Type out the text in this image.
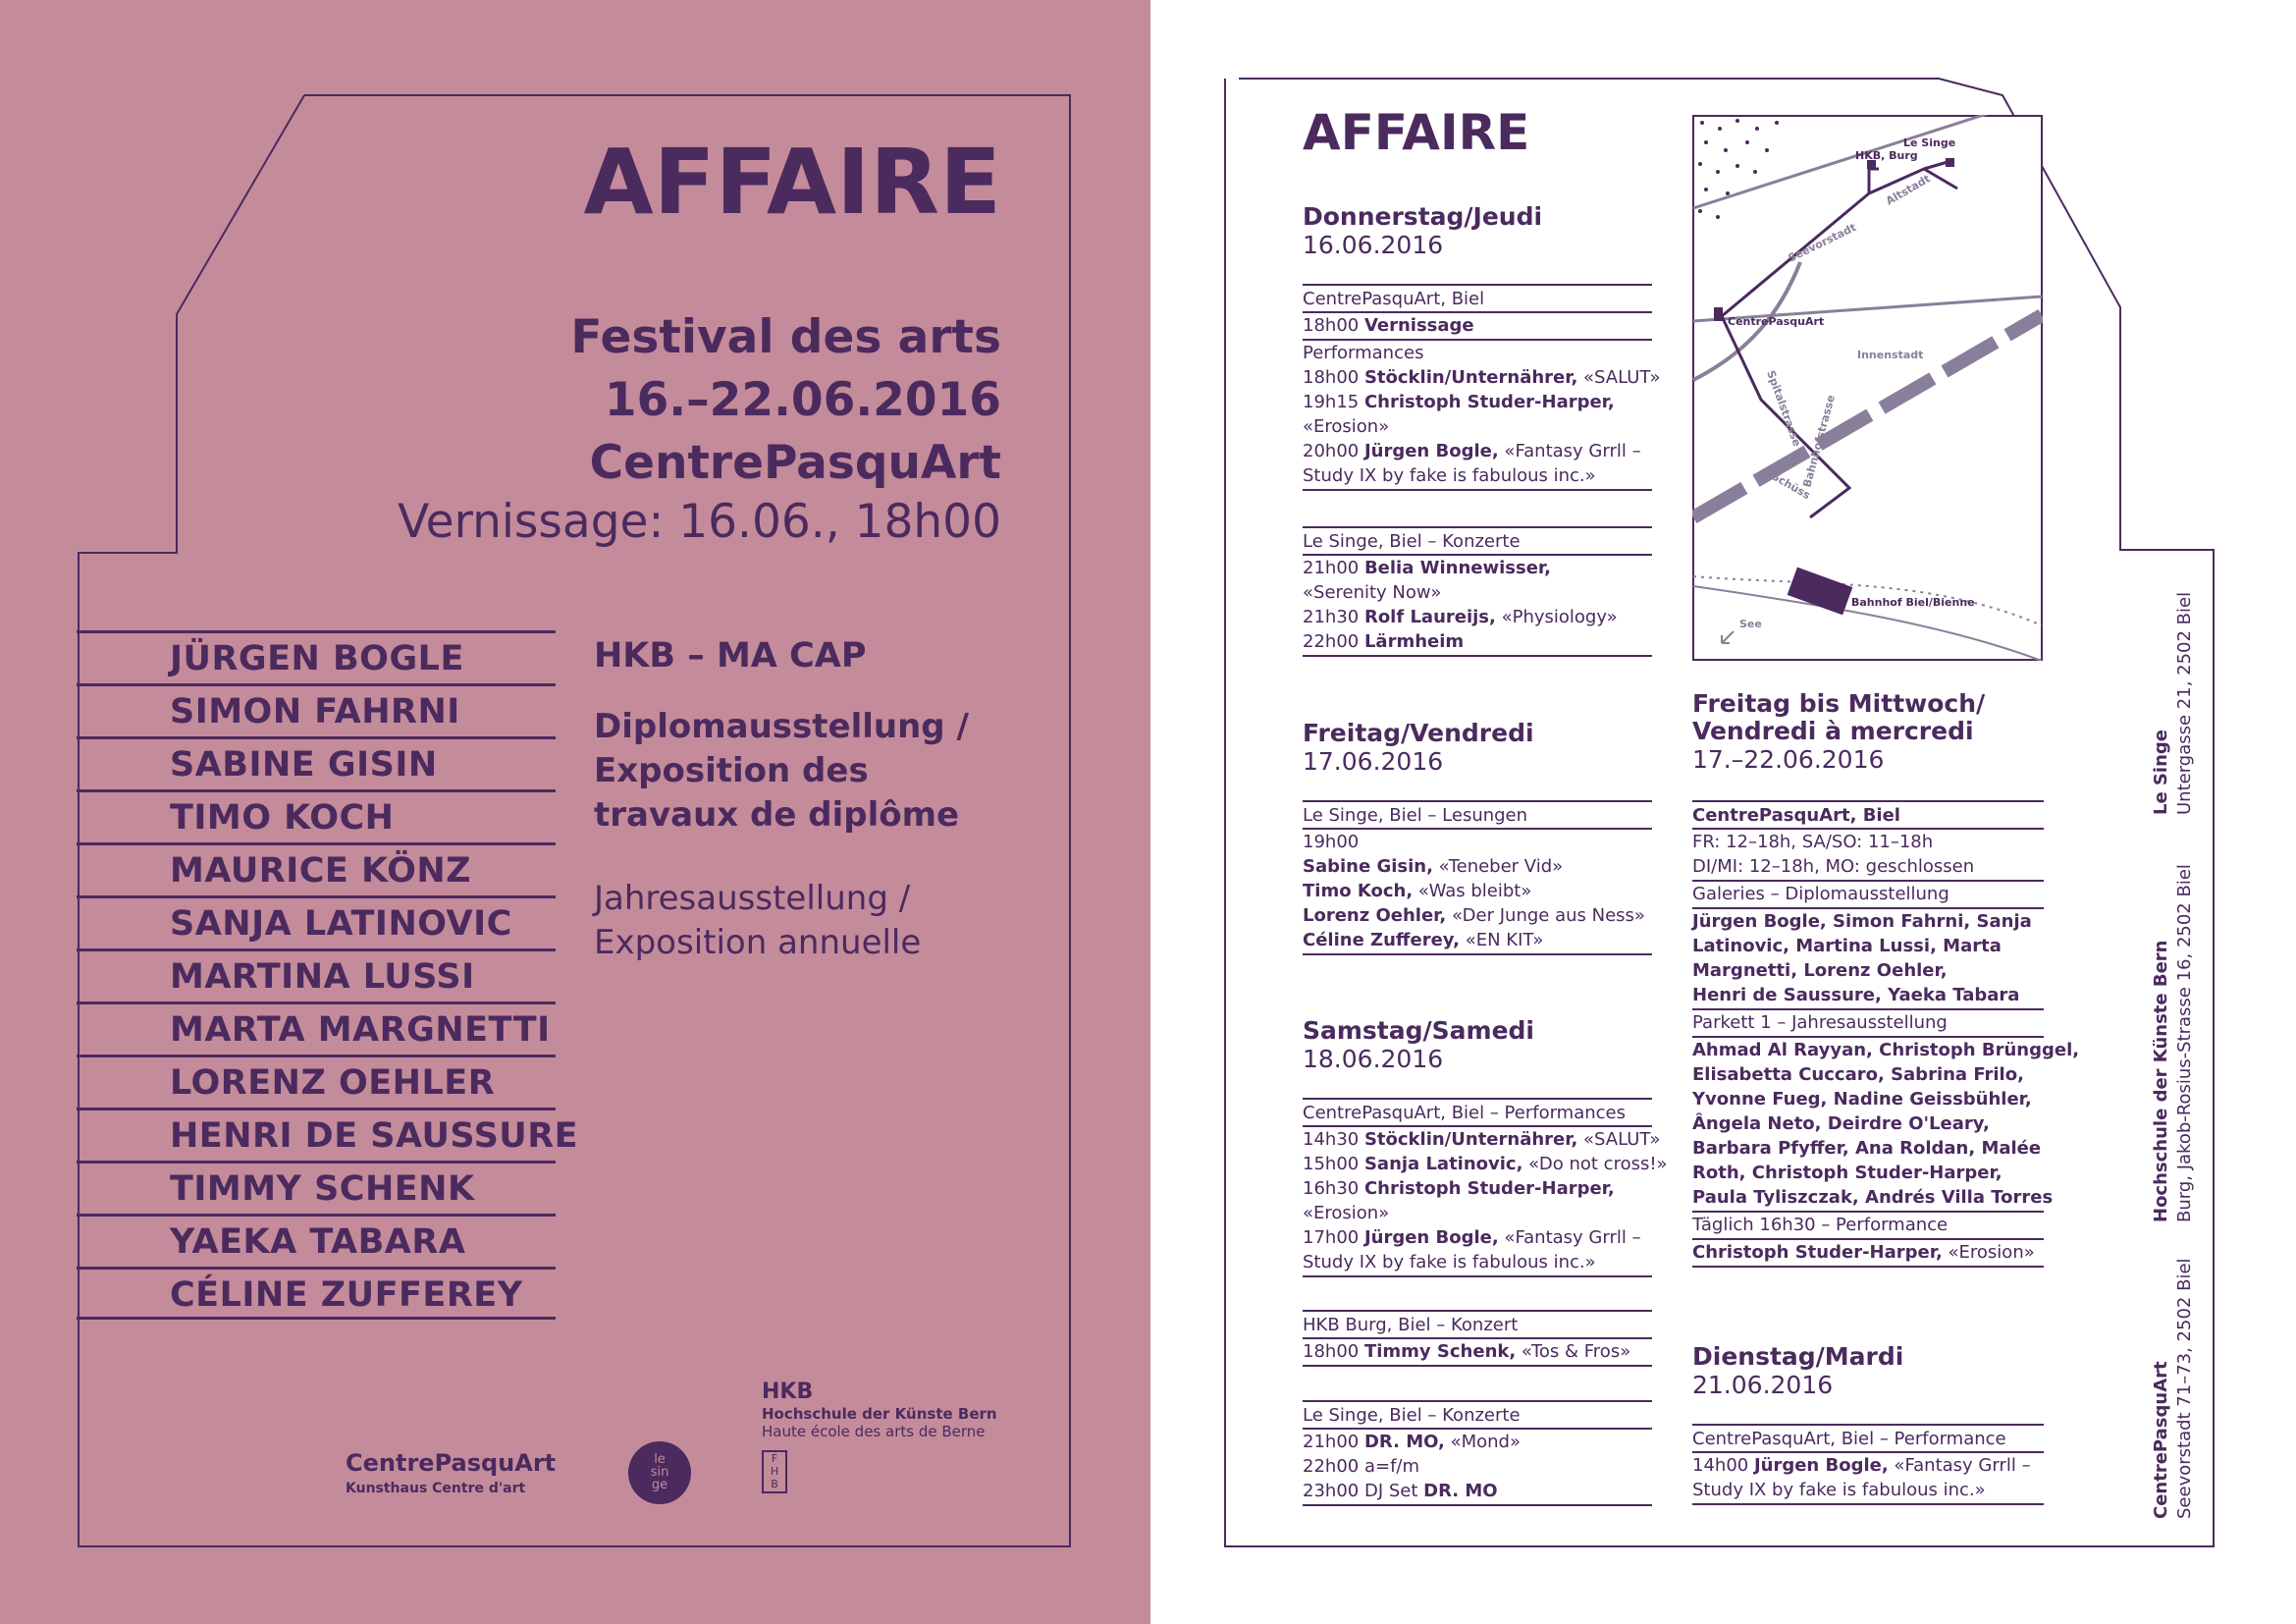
AFFAIRE
Festival des arts
16.–22.06.2016
CentrePasquArt
Vernissage: 16.06., 18h00
JÜRGEN BOGLE
SIMON FAHRNI
SABINE GISIN
TIMO KOCH
MAURICE KÖNZ
SANJA LATINOVIC
MARTINA LUSSI
MARTA MARGNETTI
LORENZ OEHLER
HENRI DE SAUSSURE
TIMMY SCHENK
YAEKA TABARA
CÉLINE ZUFFEREY
HKB – MA CAP
Diplomausstellung /
Exposition des
travaux de diplôme
Jahresausstellung /
Exposition annuelle
CentrePasquArt
Kunsthaus Centre d'art
le
sin
ge
HKB
Hochschule der Künste Bern
Haute école des arts de Berne
F
H
B
AFFAIRE
Donnerstag/Jeudi
16.06.2016
CentrePasquArt, Biel
18h00 Vernissage
Performances
18h00 Stöcklin/Unternährer, «SALUT»
19h15 Christoph Studer-Harper,
«Erosion»
20h00 Jürgen Bogle, «Fantasy Grrll –
Study IX by fake is fabulous inc.»
Le Singe, Biel – Konzerte
21h00 Belia Winnewisser,
«Serenity Now»
21h30 Rolf Laureijs, «Physiology»
22h00 Lärmheim
Freitag/Vendredi
17.06.2016
Le Singe, Biel – Lesungen
19h00
Sabine Gisin, «Teneber Vid»
Timo Koch, «Was bleibt»
Lorenz Oehler, «Der Junge aus Ness»
Céline Zufferey, «EN KIT»
Samstag/Samedi
18.06.2016
CentrePasquArt, Biel – Performances
14h30 Stöcklin/Unternährer, «SALUT»
15h00 Sanja Latinovic, «Do not cross!»
16h30 Christoph Studer-Harper,
«Erosion»
17h00 Jürgen Bogle, «Fantasy Grrll –
Study IX by fake is fabulous inc.»
HKB Burg, Biel – Konzert
18h00 Timmy Schenk, «Tos & Fros»
Le Singe, Biel – Konzerte
21h00 DR. MO, «Mond»
22h00 a=f/m
23h00 DJ Set DR. MO
Freitag bis Mittwoch/
Vendredi à mercredi
17.–22.06.2016
CentrePasquArt, Biel
FR: 12–18h, SA/SO: 11–18h
DI/MI: 12–18h, MO: geschlossen
Galeries – Diplomausstellung
Jürgen Bogle, Simon Fahrni, Sanja
Latinovic, Martina Lussi, Marta
Margnetti, Lorenz Oehler,
Henri de Saussure, Yaeka Tabara
Parkett 1 – Jahresausstellung
Ahmad Al Rayyan, Christoph Brünggel,
Elisabetta Cuccaro, Sabrina Frilo,
Yvonne Fueg, Nadine Geissbühler,
Ângela Neto, Deirdre O'Leary,
Barbara Pfyffer, Ana Roldan, Malée
Roth, Christoph Studer-Harper,
Paula Tyliszczak, Andrés Villa Torres
Täglich 16h30 – Performance
Christoph Studer-Harper, «Erosion»
Dienstag/Mardi
21.06.2016
CentrePasquArt, Biel – Performance
14h00 Jürgen Bogle, «Fantasy Grrll –
Study IX by fake is fabulous inc.»
Le Singe
HKB, Burg
Altstadt
Seevorstadt
CentrePasquArt
Innenstadt
Spitalstrasse
Schüss
Bahnhofstrasse
Bahnhof Biel/Bienne
See
Le Singe Untergasse 21, 2502 Biel
Hochschule der Künste Bern Burg, Jakob-Rosius-Strasse 16, 2502 Biel
CentrePasquArt Seevorstadt 71–73, 2502 Biel
